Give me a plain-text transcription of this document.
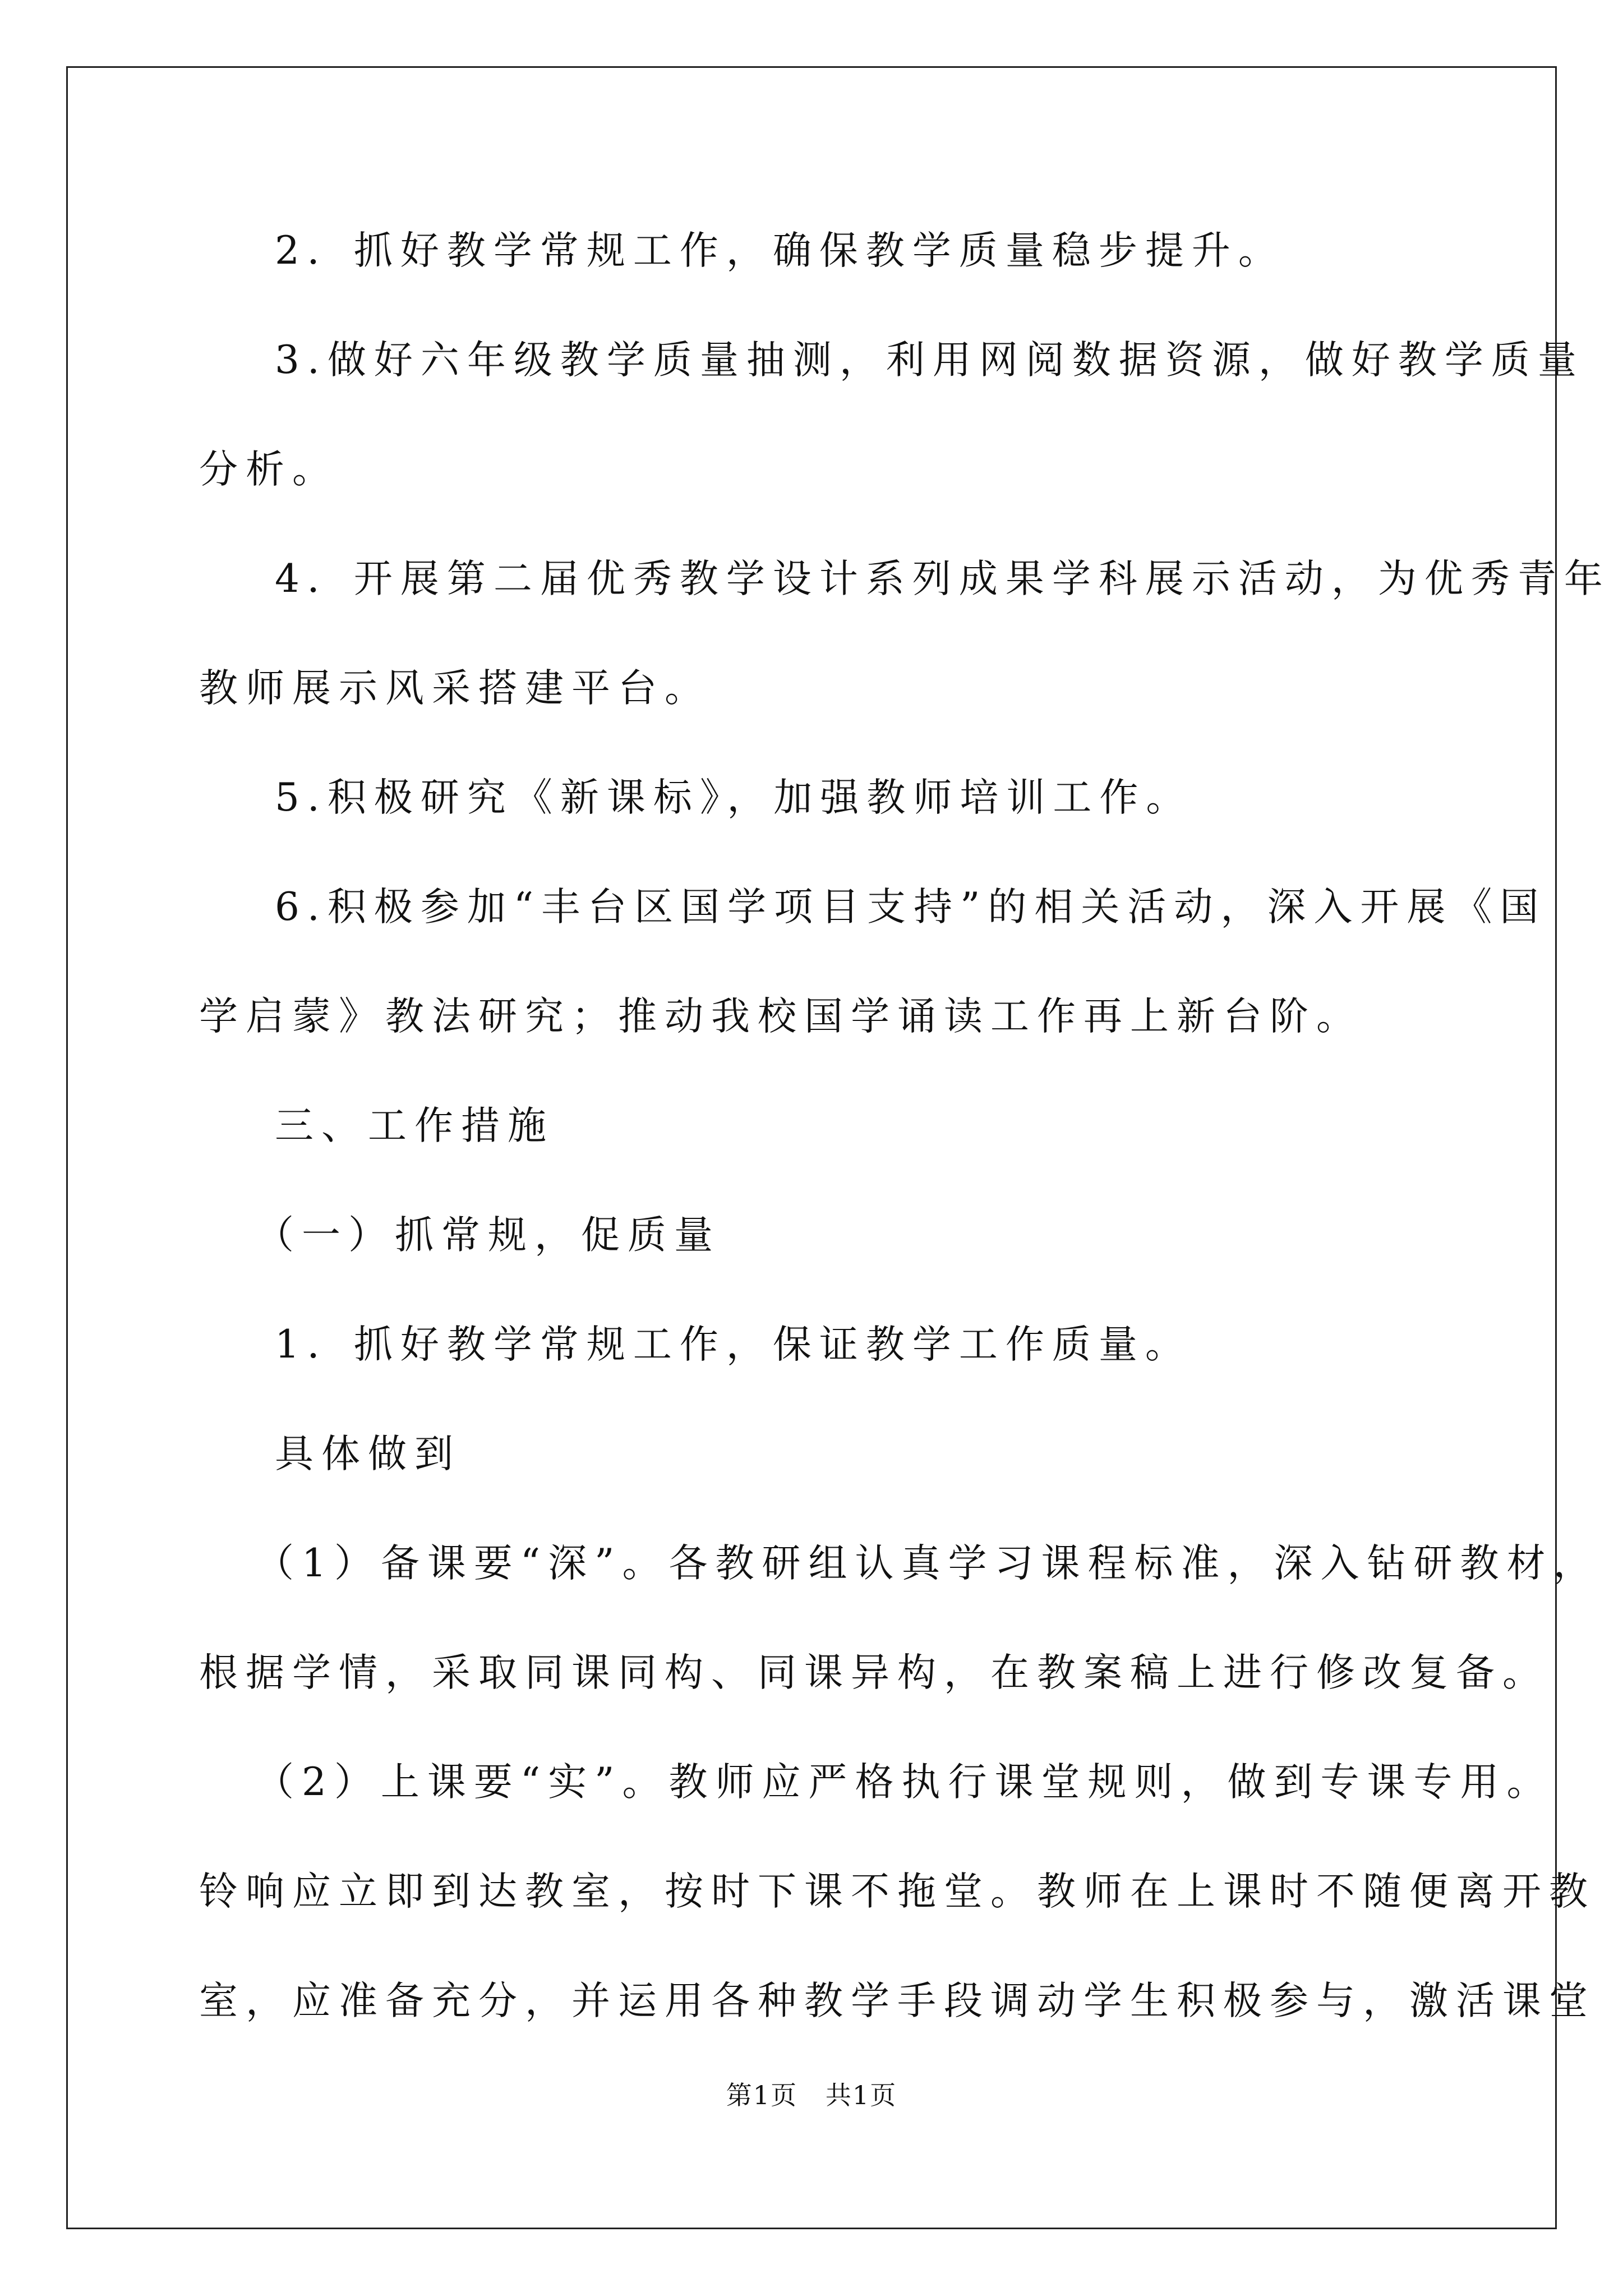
2．抓好教学常规工作，确保教学质量稳步提升。

3.做好六年级教学质量抽测，利用网阅数据资源，做好教学质量

分析。

4．开展第二届优秀教学设计系列成果学科展示活动，为优秀青年

教师展示风采搭建平台。

5.积极研究《新课标》，加强教师培训工作。

6.积极参加“丰台区国学项目支持”的相关活动，深入开展《国

学启蒙》教法研究；推动我校国学诵读工作再上新台阶。

三、工作措施

（一）抓常规，促质量

1．抓好教学常规工作，保证教学工作质量。

具体做到

（1）备课要“深”。各教研组认真学习课程标准，深入钻研教材，

根据学情，采取同课同构、同课异构，在教案稿上进行修改复备。

（2）上课要“实”。教师应严格执行课堂规则，做到专课专用。

铃响应立即到达教室，按时下课不拖堂。教师在上课时不随便离开教

室，应准备充分，并运用各种教学手段调动学生积极参与，激活课堂

第1页   共1页
